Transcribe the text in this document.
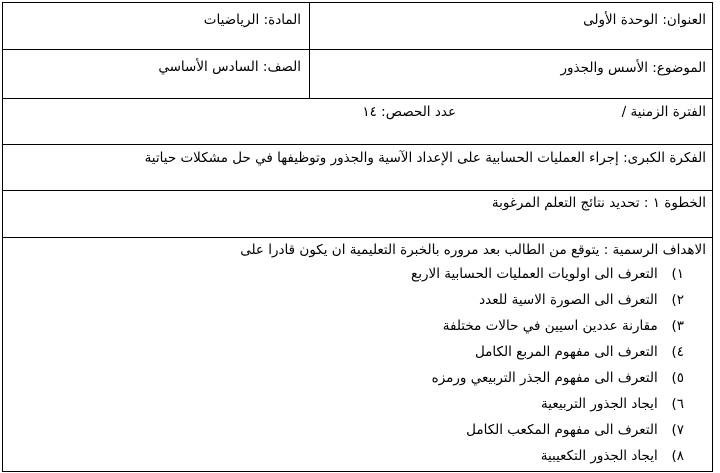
العنوان: الوحدة الأولى
المادة: الرياضيات
الموضوع: الأسس والجذور
الصف: السادس الأساسي
الفترة الزمنية /
عدد الحصص: ١٤
الفكرة الكبرى: إجراء العمليات الحسابية على الإعداد الآسية والجذور وتوظيفها في حل مشكلات حياتية
الخطوة ١ : تحديد نتائج التعلم المرغوبة
الاهداف الرسمية : يتوقع من الطالب بعد مروره بالخبرة التعليمية ان يكون قادرا على
١) التعرف الى اولويات العمليات الحسابية الاربع
٢) التعرف الى الصورة الاسية للعدد
٣) مقارنة عددين اسيين في حالات مختلفة
٤) التعرف الى مفهوم المربع الكامل
٥) التعرف الى مفهوم الجذر التربيعي ورمزه
٦) ايجاد الجذور التربيعية
٧) التعرف الى مفهوم المكعب الكامل
٨) ايجاد الجذور التكعيبية
